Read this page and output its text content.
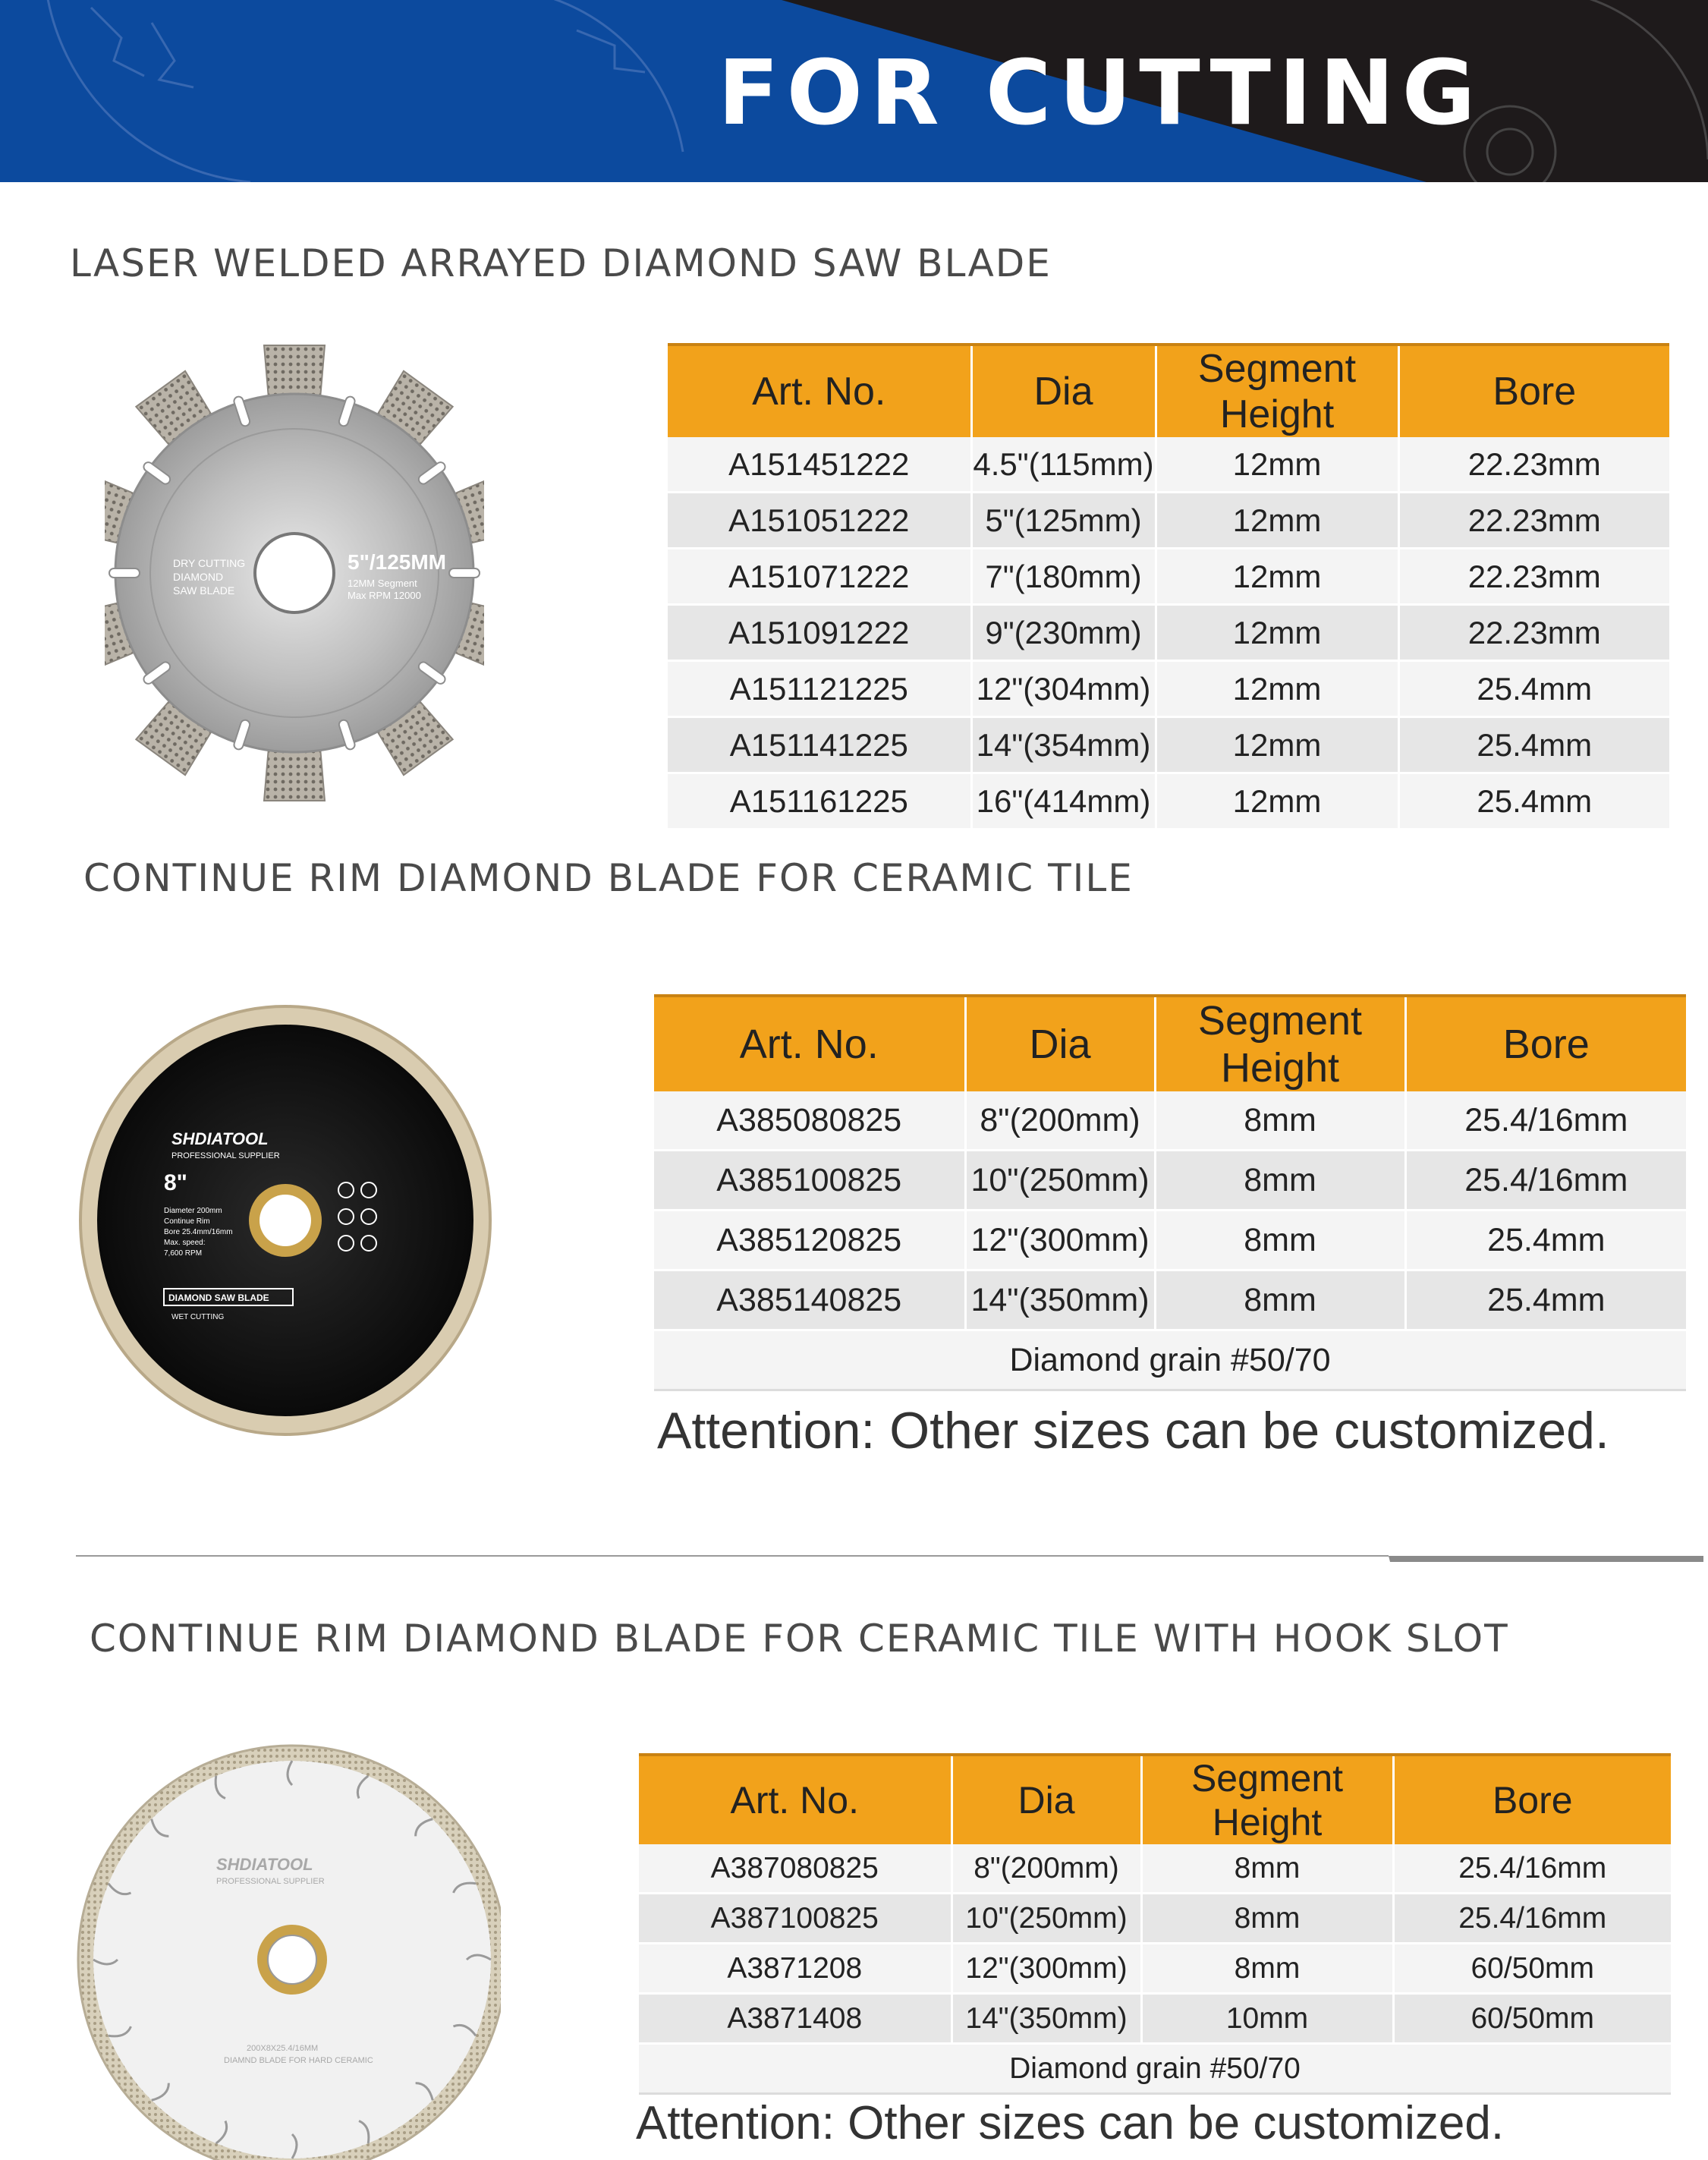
FOR CUTTING
LASER WELDED ARRAYED DIAMOND SAW BLADE
DRY CUTTING
DIAMOND
SAW BLADE
5"/125MM
12MM Segment
Max RPM 12000
Art. No.	Dia	Segment Height	Bore
A151451222	4.5"(115mm)	12mm	22.23mm
A151051222	5"(125mm)	12mm	22.23mm
A151071222	7"(180mm)	12mm	22.23mm
A151091222	9"(230mm)	12mm	22.23mm
A151121225	12"(304mm)	12mm	25.4mm
A151141225	14"(354mm)	12mm	25.4mm
A151161225	16"(414mm)	12mm	25.4mm
CONTINUE RIM DIAMOND BLADE FOR CERAMIC TILE
SHDIATOOL
PROFESSIONAL SUPPLIER
8"
Diameter 200mm
Continue Rim
Bore 25.4mm/16mm
Max. speed:
7,600 RPM
DIAMOND SAW BLADE
WET CUTTING
Art. No.	Dia	Segment Height	Bore
A385080825	8"(200mm)	8mm	25.4/16mm
A385100825	10"(250mm)	8mm	25.4/16mm
A385120825	12"(300mm)	8mm	25.4mm
A385140825	14"(350mm)	8mm	25.4mm
Diamond grain #50/70			
Attention: Other sizes can be customized.
CONTINUE RIM DIAMOND BLADE FOR CERAMIC TILE WITH HOOK SLOT
SHDIATOOL
PROFESSIONAL SUPPLIER
200X8X25.4/16MM
DIAMND BLADE FOR HARD CERAMIC
Art. No.	Dia	Segment Height	Bore
A387080825	8"(200mm)	8mm	25.4/16mm
A387100825	10"(250mm)	8mm	25.4/16mm
A3871208	12"(300mm)	8mm	60/50mm
A3871408	14"(350mm)	10mm	60/50mm
Diamond grain #50/70			
Attention: Other sizes can be customized.
